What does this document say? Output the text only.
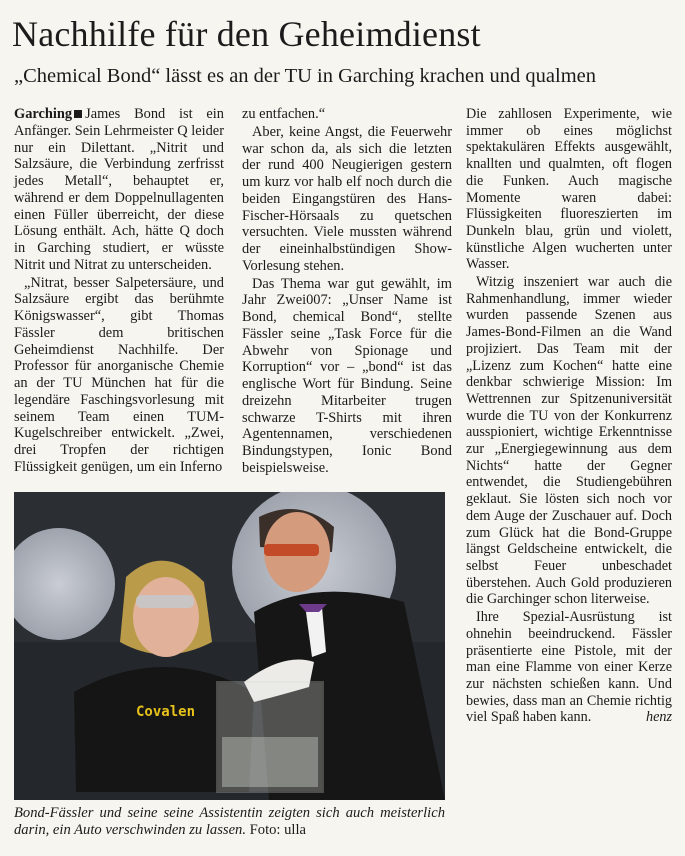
Nachhilfe für den Geheimdienst
„Chemical Bond“ lässt es an der TU in Garching krachen und qualmen

Garching James Bond ist ein Anfänger. Sein Lehrmeister Q leider nur ein Dilettant. „Nitrit und Salzsäure, die Verbindung zerfrisst jedes Metall“, behauptet er, während er dem Doppelnullagenten einen Füller überreicht, der diese Lösung enthält. Ach, hätte Q doch in Garching studiert, er wüsste Nitrit und Nitrat zu unterscheiden.

„Nitrat, besser Salpetersäure, und Salzsäure ergibt das berühmte Königswasser“, gibt Thomas Fässler dem britischen Geheimdienst Nachhilfe. Der Professor für anorganische Chemie an der TU München hat für die legendäre Faschingsvorlesung mit seinem Team einen TUM-Kugelschreiber entwickelt. „Zwei, drei Tropfen der richtigen Flüssigkeit genügen, um ein Inferno

zu entfachen.“

Aber, keine Angst, die Feuerwehr war schon da, als sich die letzten der rund 400 Neugierigen gestern um kurz vor halb elf noch durch die beiden Eingangstüren des Hans-Fischer-Hörsaals zu quetschen versuchten. Viele mussten während der eineinhalbstündigen Show-Vorlesung stehen.

Das Thema war gut gewählt, im Jahr Zwei007: „Unser Name ist Bond, chemical Bond“, stellte Fässler seine „Task Force für die Abwehr von Spionage und Korruption“ vor – „bond“ ist das englische Wort für Bindung. Seine dreizehn Mitarbeiter trugen schwarze T-Shirts mit ihren Agentennamen, verschiedenen Bindungstypen, Ionic Bond beispielsweise.

Die zahllosen Experimente, wie immer ob eines möglichst spektakulären Effekts ausgewählt, knallten und qualmten, oft flogen die Funken. Auch magische Momente waren dabei: Flüssigkeiten fluoreszierten im Dunkeln blau, grün und violett, künstliche Algen wucherten unter Wasser.

Witzig inszeniert war auch die Rahmenhandlung, immer wieder wurden passende Szenen aus James-Bond-Filmen an die Wand projiziert. Das Team mit der „Lizenz zum Kochen“ hatte eine denkbar schwierige Mission: Im Wettrennen zur Spitzenuniversität wurde die TU von der Konkurrenz ausspioniert, wichtige Erkenntnisse zur „Energiegewinnung aus dem Nichts“ hatte der Gegner entwendet, die Studiengebühren geklaut. Sie lösten sich noch vor dem Auge der Zuschauer auf. Doch zum Glück hat die Bond-Gruppe längst Geldscheine entwickelt, die selbst Feuer unbeschadet überstehen. Auch Gold produzieren die Garchinger schon literweise.

Ihre Spezial-Ausrüstung ist ohnehin beeindruckend. Fässler präsentierte eine Pistole, mit der man eine Flamme von einer Kerze zur nächsten schießen kann. Und bewies, dass man an Chemie richtig viel Spaß haben kann.	henz

Covalen
Bond-Fässler und seine seine Assistentin zeigten sich auch meisterlich darin, ein Auto verschwinden zu lassen. Foto: ulla
